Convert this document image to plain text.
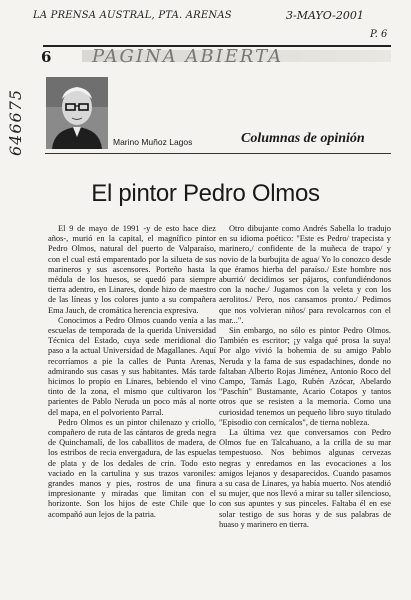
LA PRENSA AUSTRAL, PTA. ARENAS	3-MAYO-2001
P. 6
646675
6 PAGINA ABIERTA
Marino Muñoz Lagos	Columnas de opinión
El pintor Pedro Olmos

El 9 de mayo de 1991 -y de esto hace diez años-, murió en la capital, el magnífico pintor Pedro Olmos, natural del puerto de Valparaíso, con el cual está emparentado por la silueta de sus marineros y sus ascensores. Porteño hasta la médula de los huesos, se quedó para siempre tierra adentro, en Linares, donde hizo de maestro de las líneas y los colores junto a su compañera Ema Jauch, de cromática herencia expresiva.

Conocimos a Pedro Olmos cuando venía a las escuelas de temporada de la querida Universidad Técnica del Estado, cuya sede meridional dio paso a la actual Universidad de Magallanes. Aquí recorríamos a pie la calles de Punta Arenas, admirando sus casas y sus habitantes. Más tarde hicimos lo propio en Linares, bebiendo el vino tinto de la zona, el mismo que cultivaron los parientes de Pablo Neruda un poco más al norte del mapa, en el polvoriento Parral.

Pedro Olmos es un pintor chilenazo y criollo, compañero de ruta de las cántaros de greda negra de Quinchamalí, de los caballitos de madera, de los estribos de recia envergadura, de las espuelas de plata y de los dedales de crin. Todo esto vaciado en la cartulina y sus trazos varoniles: grandes manos y pies, rostros de una finura impresionante y miradas que limitan con el horizonte. Son los hijos de este Chile que lo acompañó aun lejos de la patria.

Otro dibujante como Andrés Sabella lo tradujo en su idioma poético: "Este es Pedro/ trapecista y marinero,/ confidente de la muñeca de trapo/ y novio de la burbujita de agua/ Yo lo conozco desde que éramos hierba del paraíso./ Este hombre nos aburrió/ decidimos ser pájaros, confundiéndonos con la noche./ Jugamos con la veleta y con los aerolitos./ Pero, nos cansamos pronto./ Pedimos que nos volvieran niños/ para revolcarnos con el mar...".

Sin embargo, no sólo es pintor Pedro Olmos. También es escritor; ¡y valga qué prosa la suya! Por algo vivió la bohemia de su amigo Pablo Neruda y la fama de sus espadachines, donde no faltaban Alberto Rojas Jiménez, Antonio Roco del Campo, Tamás Lago, Rubén Azócar, Abelardo "Paschín" Bustamante, Acario Cotapos y tantos otros que se resisten a la memoria. Como una curiosidad tenemos un pequeño libro suyo titulado "Episodio con cernícalos", de tierna nobleza.

La última vez que conversamos con Pedro Olmos fue en Talcahuano, a la crilla de su mar tempestuoso. Nos bebimos algunas cervezas negras y enredamos en las evocaciones a los amigos lejanos y desaparecidos. Cuando pasamos a su casa de Linares, ya había muerto. Nos atendió su mujer, que nos llevó a mirar su taller silencioso, con sus apuntes y sus pinceles. Faltaba él en ese solar testigo de sus horas y de sus palabras de huaso y marinero en tierra.
